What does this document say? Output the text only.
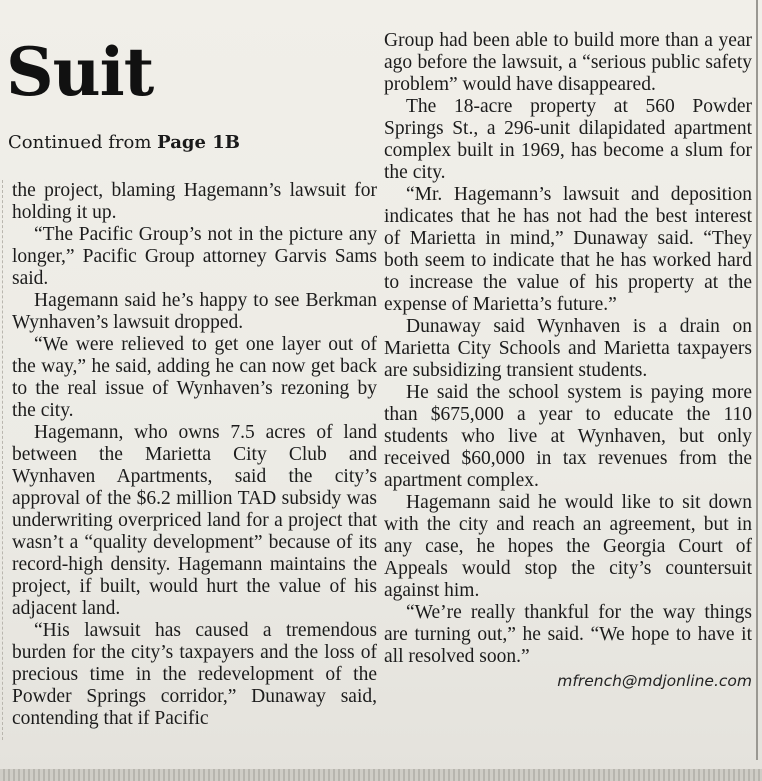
Suit
Continued from Page 1B

the project, blaming Hagemann’s lawsuit for holding it up.

“The Pacific Group’s not in the picture any longer,” Pacific Group attorney Garvis Sams said.

Hagemann said he’s happy to see Berkman Wynhaven’s lawsuit dropped.

“We were relieved to get one layer out of the way,” he said, adding he can now get back to the real issue of Wynhaven’s rezoning by the city.

Hagemann, who owns 7.5 acres of land between the Marietta City Club and Wynhaven Apartments, said the city’s approval of the $6.2 million TAD subsidy was underwriting overpriced land for a project that wasn’t a “quality development” because of its record-high density. Hagemann maintains the project, if built, would hurt the value of his adjacent land.

“His lawsuit has caused a tremendous burden for the city’s taxpayers and the loss of precious time in the redevelopment of the Powder Springs corridor,” Dunaway said, contending that if Pacific

Group had been able to build more than a year ago before the lawsuit, a “serious public safety problem” would have disappeared.

The 18-acre property at 560 Powder Springs St., a 296-unit dilapidated apartment complex built in 1969, has become a slum for the city.

“Mr. Hagemann’s lawsuit and deposition indicates that he has not had the best interest of Marietta in mind,” Dunaway said. “They both seem to indicate that he has worked hard to increase the value of his property at the expense of Marietta’s future.”

Dunaway said Wynhaven is a drain on Marietta City Schools and Marietta taxpayers are subsidizing transient students.

He said the school system is paying more than $675,000 a year to educate the 110 students who live at Wynhaven, but only received $60,000 in tax revenues from the apartment complex.

Hagemann said he would like to sit down with the city and reach an agreement, but in any case, he hopes the Georgia Court of Appeals would stop the city’s countersuit against him.

“We’re really thankful for the way things are turning out,” he said. “We hope to have it all resolved soon.”

mfrench@mdjonline.com
